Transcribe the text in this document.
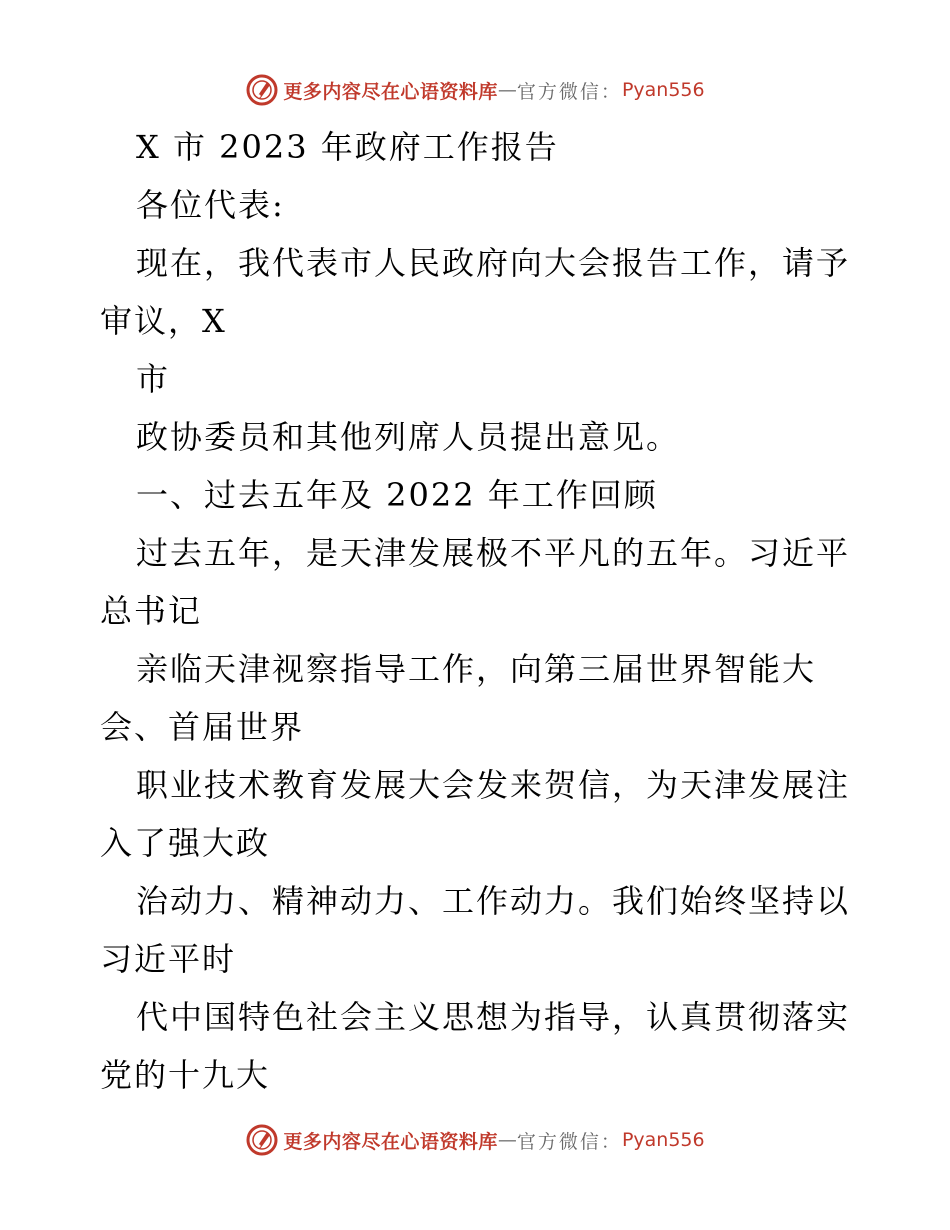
更多内容尽在心语资料库 — 官方微信： Pyan556
X 市 2023 年政府工作报告
各位代表:
现在，我代表市人民政府向大会报告工作，请予
审议，X
市
政协委员和其他列席人员提出意见。
一、过去五年及 2022 年工作回顾
过去五年，是天津发展极不平凡的五年。习近平
总书记
亲临天津视察指导工作，向第三届世界智能大
会、首届世界
职业技术教育发展大会发来贺信，为天津发展注
入了强大政
治动力、精神动力、工作动力。我们始终坚持以
习近平时
代中国特色社会主义思想为指导，认真贯彻落实
党的十九大
更多内容尽在心语资料库 — 官方微信： Pyan556
